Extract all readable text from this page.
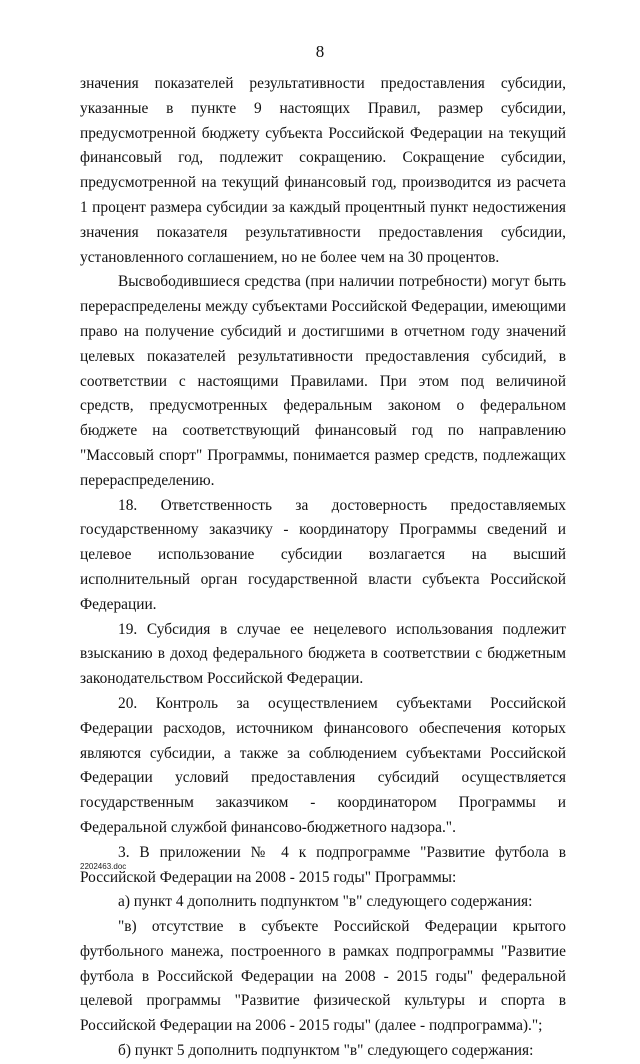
8

значения показателей результативности предоставления субсидии, указанные в пункте 9 настоящих Правил, размер субсидии, предусмотренной бюджету субъекта Российской Федерации на текущий финансовый год, подлежит сокращению. Сокращение субсидии, предусмотренной на текущий финансовый год, производится из расчета 1 процент размера субсидии за каждый процентный пункт недостижения значения показателя результативности предоставления субсидии, установленного соглашением, но не более чем на 30 процентов.

Высвободившиеся средства (при наличии потребности) могут быть перераспределены между субъектами Российской Федерации, имеющими право на получение субсидий и достигшими в отчетном году значений целевых показателей результативности предоставления субсидий, в соответствии с настоящими Правилами. При этом под величиной средств, предусмотренных федеральным законом о федеральном бюджете на соответствующий финансовый год по направлению "Массовый спорт" Программы, понимается размер средств, подлежащих перераспределению.

18. Ответственность за достоверность предоставляемых государственному заказчику - координатору Программы сведений и целевое использование субсидии возлагается на высший исполнительный орган государственной власти субъекта Российской Федерации.

19. Субсидия в случае ее нецелевого использования подлежит взысканию в доход федерального бюджета в соответствии с бюджетным законодательством Российской Федерации.

20. Контроль за осуществлением субъектами Российской Федерации расходов, источником финансового обеспечения которых являются субсидии, а также за соблюдением субъектами Российской Федерации условий предоставления субсидий осуществляется государственным заказчиком - координатором Программы и Федеральной службой финансово-бюджетного надзора.".

3. В приложении № 4 к подпрограмме "Развитие футбола в Российской Федерации на 2008 - 2015 годы" Программы:

а) пункт 4 дополнить подпунктом "в" следующего содержания:

"в) отсутствие в субъекте Российской Федерации крытого футбольного манежа, построенного в рамках подпрограммы "Развитие футбола в Российской Федерации на 2008 - 2015 годы" федеральной целевой программы "Развитие физической культуры и спорта в Российской Федерации на 2006 - 2015 годы" (далее - подпрограмма).";

б) пункт 5 дополнить подпунктом "в" следующего содержания:

2202463.doc
